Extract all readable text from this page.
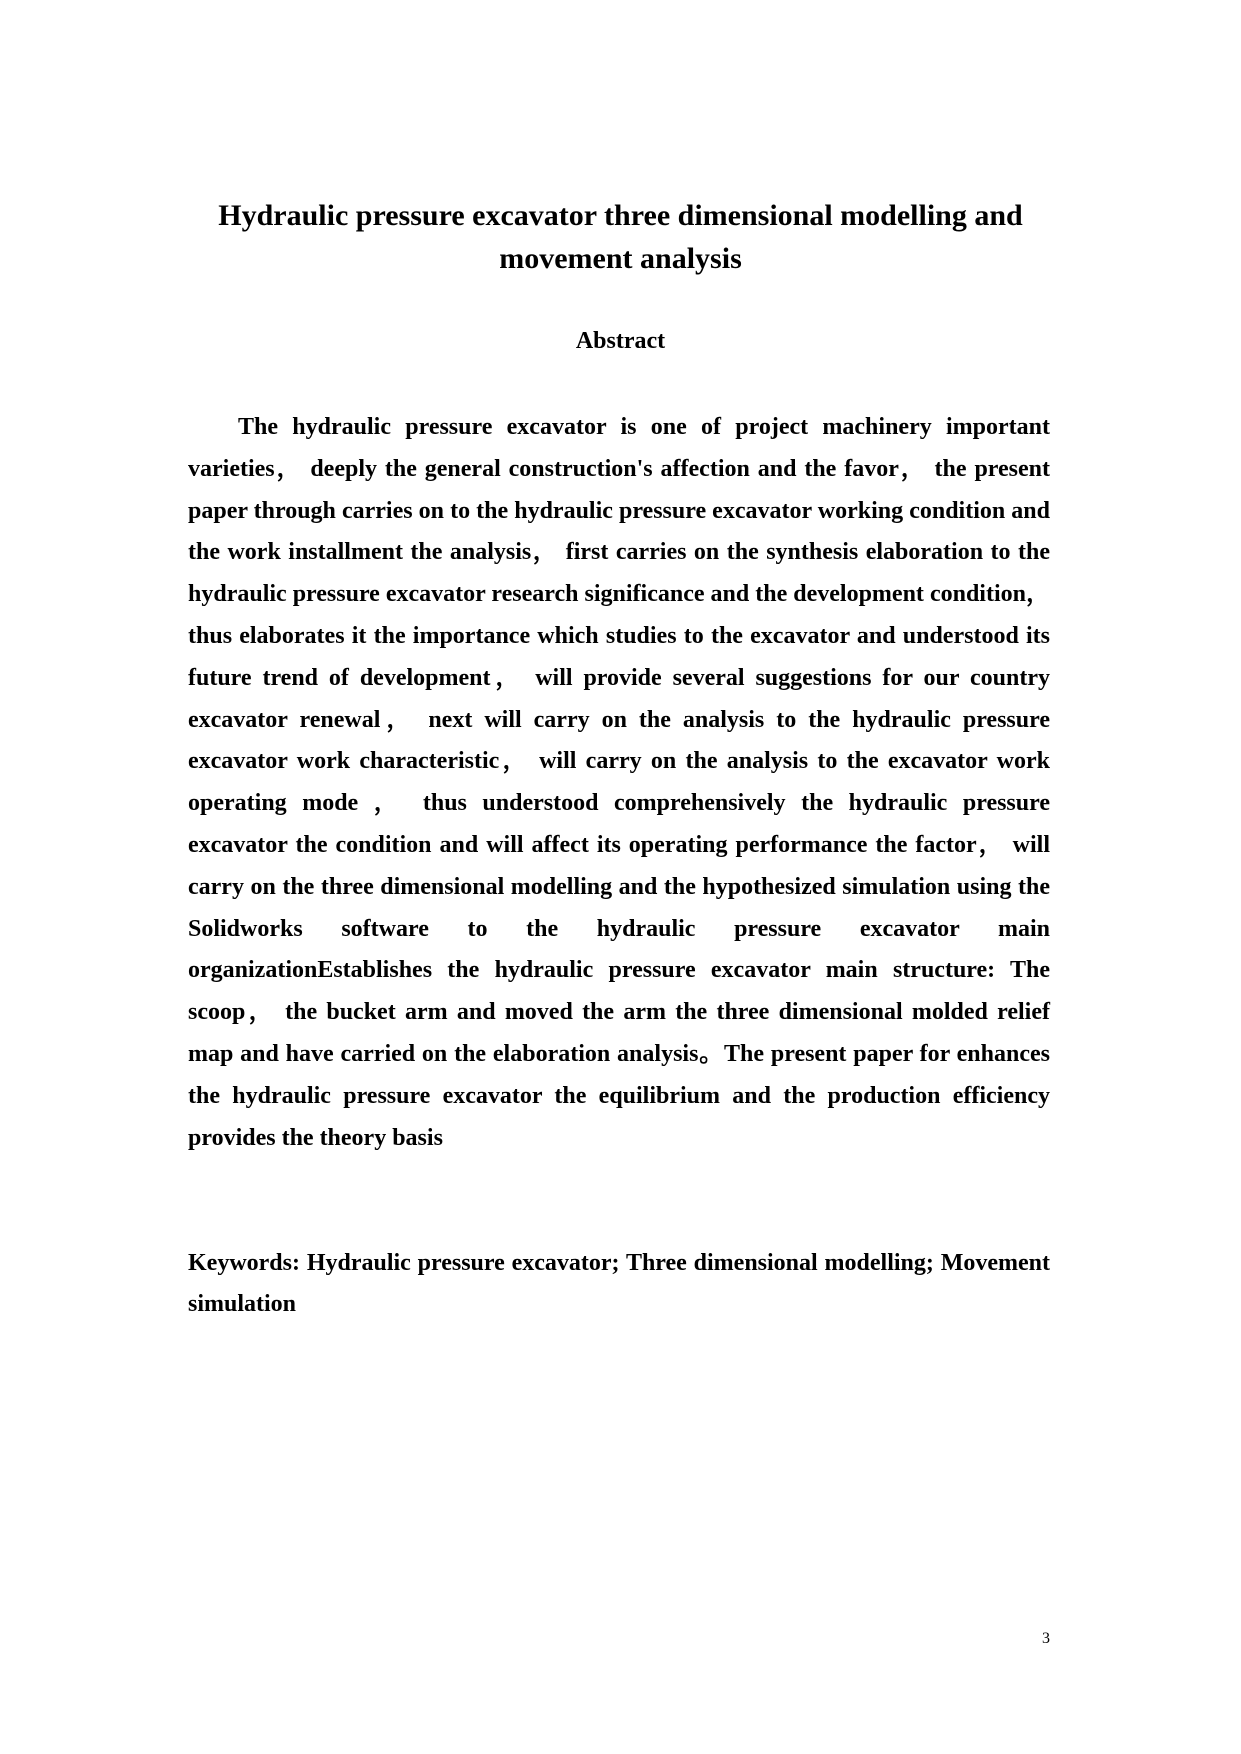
Hydraulic pressure excavator three dimensional modelling and
movement analysis
Abstract

The hydraulic pressure excavator is one of project machinery important varieties， deeply the general construction's affection and the favor， the present paper through carries on to the hydraulic pressure excavator working condition and the work installment the analysis， first carries on the synthesis elaboration to the hydraulic pressure excavator research significance and the development condition， thus elaborates it the importance which studies to the excavator and understood its future trend of development， will provide several suggestions for our country excavator renewal， next will carry on the analysis to the hydraulic pressure excavator work characteristic， will carry on the analysis to the excavator work operating mode ， thus understood comprehensively the hydraulic pressure excavator the condition and will affect its operating performance the factor， will carry on the three dimensional modelling and the hypothesized simulation using the Solidworks software to the hydraulic pressure excavator main organizationEstablishes the hydraulic pressure excavator main structure: The scoop， the bucket arm and moved the arm the three dimensional molded relief map and have carried on the elaboration analysis。The present paper for enhances the hydraulic pressure excavator the equilibrium and the production efficiency provides the theory basis

Keywords: Hydraulic pressure excavator; Three dimensional modelling; Movement simulation

3
